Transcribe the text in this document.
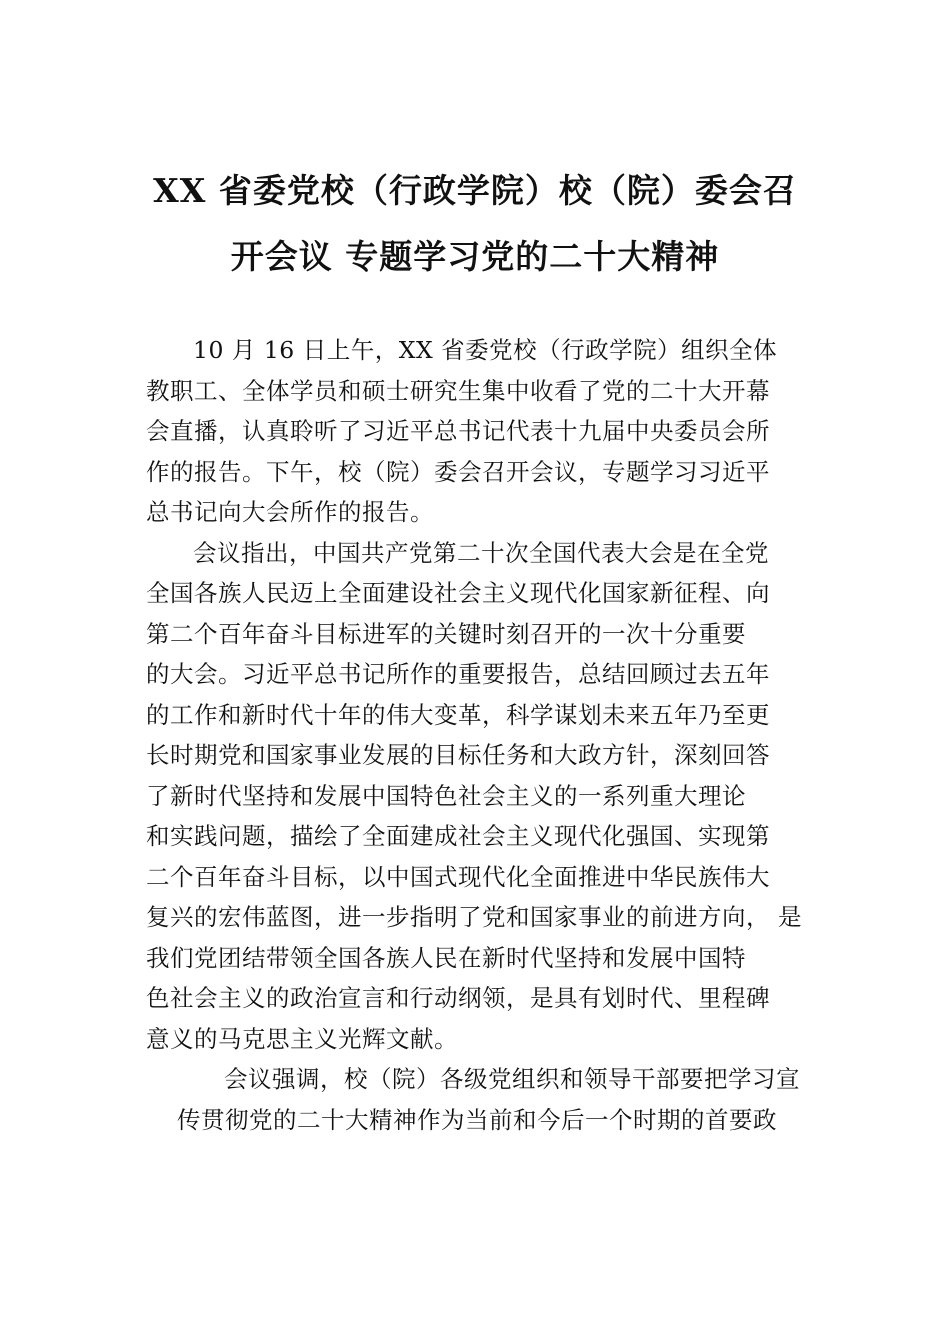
XX 省委党校（行政学院）校（院）委会召
开会议 专题学习党的二十大精神
10 月 16 日上午，XX 省委党校（行政学院）组织全体
教职工、全体学员和硕士研究生集中收看了党的二十大开幕
会直播，认真聆听了习近平总书记代表十九届中央委员会所
作的报告。下午，校（院）委会召开会议，专题学习习近平
总书记向大会所作的报告。
会议指出，中国共产党第二十次全国代表大会是在全党
全国各族人民迈上全面建设社会主义现代化国家新征程、向
第二个百年奋斗目标进军的关键时刻召开的一次十分重要
的大会。习近平总书记所作的重要报告，总结回顾过去五年
的工作和新时代十年的伟大变革，科学谋划未来五年乃至更
长时期党和国家事业发展的目标任务和大政方针，深刻回答
了新时代坚持和发展中国特色社会主义的一系列重大理论
和实践问题，描绘了全面建成社会主义现代化强国、实现第
二个百年奋斗目标，以中国式现代化全面推进中华民族伟大
复兴的宏伟蓝图，进一步指明了党和国家事业的前进方向， 是
我们党团结带领全国各族人民在新时代坚持和发展中国特
色社会主义的政治宣言和行动纲领，是具有划时代、里程碑
意义的马克思主义光辉文献。
会议强调，校（院）各级党组织和领导干部要把学习宣
传贯彻党的二十大精神作为当前和今后一个时期的首要政
